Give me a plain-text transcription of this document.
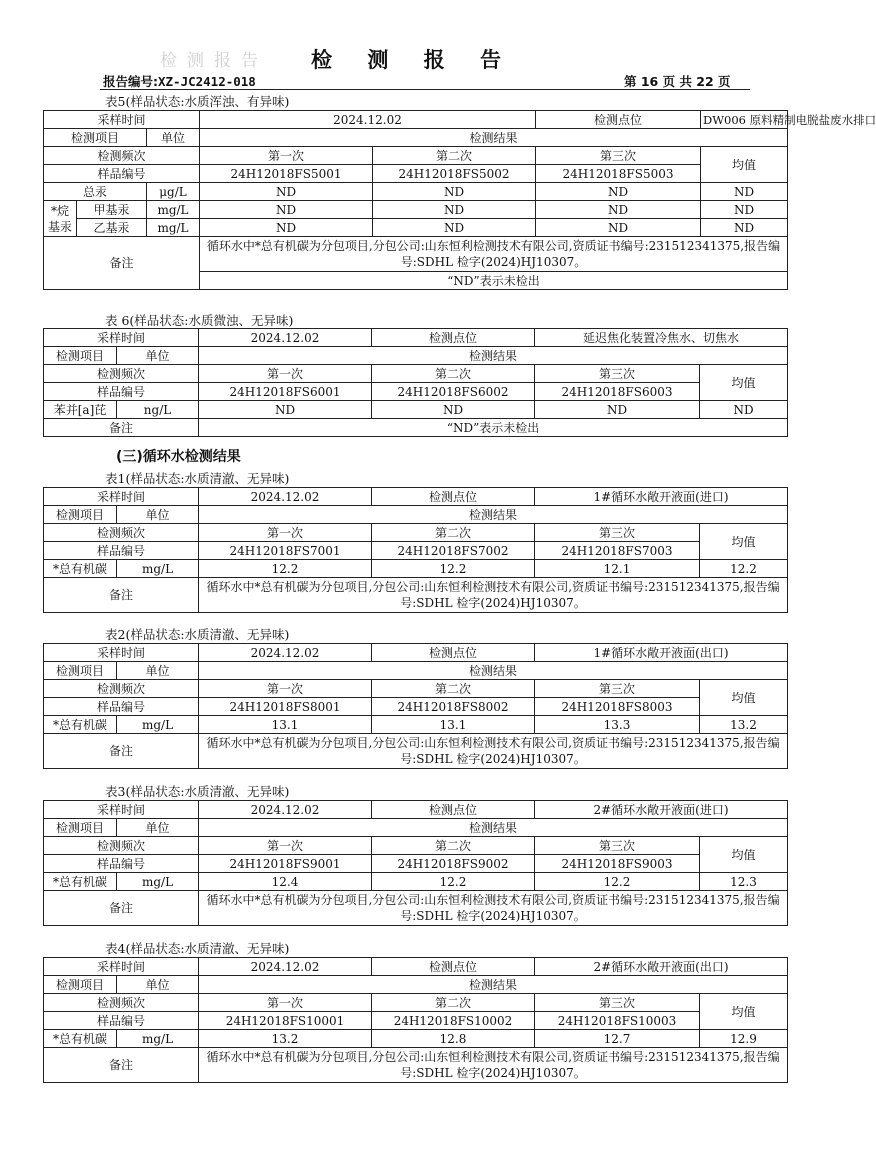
检测报告	检 测 报 告
报告编号:XZ-JC2412-018	第 16 页 共 22 页
表5(样品状态:水质浑浊、有异味)
采样时间			2024.12.02		检测点位	DW006 原料精制电脱盐废水排口
检测项目		单位	检测结果			
检测频次			第一次	第二次	第三次	均值
样品编号			24H12018FS5001	24H12018FS5002	24H12018FS5003	
总汞		μg/L	ND	ND	ND	ND
*烷基汞	甲基汞	mg/L	ND	ND	ND	ND
	乙基汞	mg/L	ND	ND	ND	ND
备注			循环水中*总有机碳为分包项目,分包公司:山东恒利检测技术有限公司,资质证书编号:231512341375,报告编号:SDHL 检字(2024)HJ10307。			
			“ND”表示未检出			
表 6(样品状态:水质微浊、无异味)
采样时间		2024.12.02	检测点位	延迟焦化装置冷焦水、切焦水	
检测项目	单位	检测结果			
检测频次		第一次	第二次	第三次	均值
样品编号		24H12018FS6001	24H12018FS6002	24H12018FS6003	
苯并[a]芘	ng/L	ND	ND	ND	ND
备注		“ND”表示未检出			
(三)循环水检测结果
表1(样品状态:水质清澈、无异味)
采样时间		2024.12.02	检测点位	1#循环水敞开液面(进口)	
检测项目	单位	检测结果			
检测频次		第一次	第二次	第三次	均值
样品编号		24H12018FS7001	24H12018FS7002	24H12018FS7003	
*总有机碳	mg/L	12.2	12.2	12.1	12.2
备注		循环水中*总有机碳为分包项目,分包公司:山东恒利检测技术有限公司,资质证书编号:231512341375,报告编号:SDHL 检字(2024)HJ10307。			
表2(样品状态:水质清澈、无异味)
采样时间		2024.12.02	检测点位	1#循环水敞开液面(出口)	
检测项目	单位	检测结果			
检测频次		第一次	第二次	第三次	均值
样品编号		24H12018FS8001	24H12018FS8002	24H12018FS8003	
*总有机碳	mg/L	13.1	13.1	13.3	13.2
备注		循环水中*总有机碳为分包项目,分包公司:山东恒利检测技术有限公司,资质证书编号:231512341375,报告编号:SDHL 检字(2024)HJ10307。			
表3(样品状态:水质清澈、无异味)
采样时间		2024.12.02	检测点位	2#循环水敞开液面(进口)	
检测项目	单位	检测结果			
检测频次		第一次	第二次	第三次	均值
样品编号		24H12018FS9001	24H12018FS9002	24H12018FS9003	
*总有机碳	mg/L	12.4	12.2	12.2	12.3
备注		循环水中*总有机碳为分包项目,分包公司:山东恒利检测技术有限公司,资质证书编号:231512341375,报告编号:SDHL 检字(2024)HJ10307。			
表4(样品状态:水质清澈、无异味)
采样时间		2024.12.02	检测点位	2#循环水敞开液面(出口)	
检测项目	单位	检测结果			
检测频次		第一次	第二次	第三次	均值
样品编号		24H12018FS10001	24H12018FS10002	24H12018FS10003	
*总有机碳	mg/L	13.2	12.8	12.7	12.9
备注		循环水中*总有机碳为分包项目,分包公司:山东恒利检测技术有限公司,资质证书编号:231512341375,报告编号:SDHL 检字(2024)HJ10307。			
